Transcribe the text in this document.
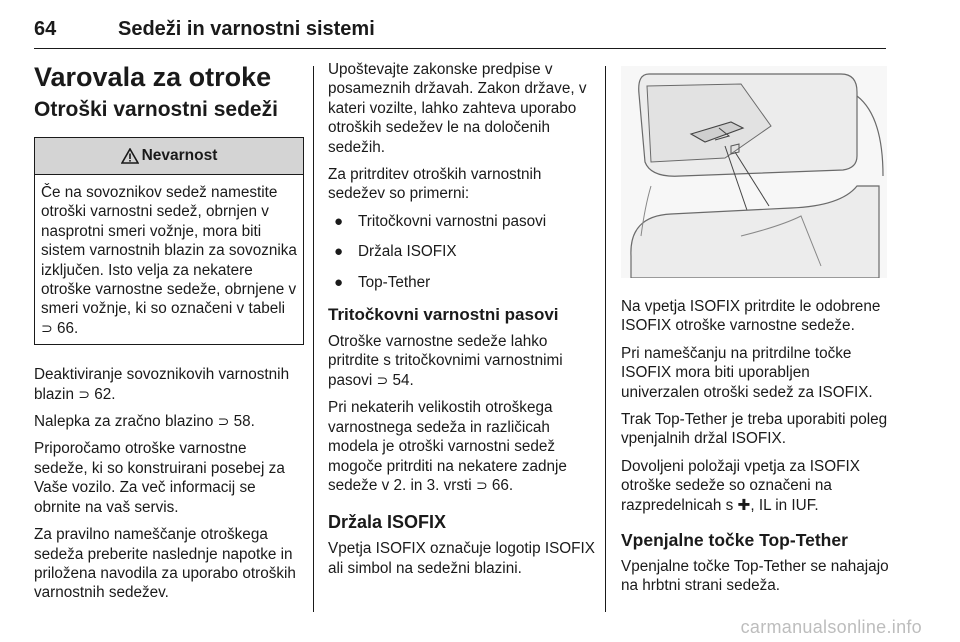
64	Sedeži in varnostni sistemi
Varovala za otroke
Otroški varnostni sedeži
Nevarnost

Če na sovoznikov sedež namestite otroški varnostni sedež, obrnjen v nasprotni smeri vožnje, mora biti sistem varnostnih blazin za sovoznika izključen. Isto velja za nekatere otroške varnostne sedeže, obrnjene v smeri vožnje, ki so označeni v tabeli ⊃ 66.

Deaktiviranje sovoznikovih varnostnih blazin ⊃ 62.

Nalepka za zračno blazino ⊃ 58.

Priporočamo otroške varnostne sedeže, ki so konstruirani posebej za Vaše vozilo. Za več informacij se obrnite na vaš servis.

Za pravilno nameščanje otroškega sedeža preberite naslednje napotke in priložena navodila za uporabo otroških varnostnih sedežev.

Upoštevajte zakonske predpise v posameznih državah. Zakon države, v kateri vozilte, lahko zahteva uporabo otroških sedežev le na določenih sedežih.

Za pritrditev otroških varnostnih sedežev so primerni:

● Tritočkovni varnostni pasovi
● Držala ISOFIX
● Top-Tether
Tritočkovni varnostni pasovi

Otroške varnostne sedeže lahko pritrdite s tritočkovnimi varnostnimi pasovi ⊃ 54.

Pri nekaterih velikostih otroškega varnostnega sedeža in različicah modela je otroški varnostni sedež mogoče pritrditi na nekatere zadnje sedeže v 2. in 3. vrsti ⊃ 66.

Držala ISOFIX

Vpetja ISOFIX označuje logotip ISOFIX ali simbol na sedežni blazini.

Na vpetja ISOFIX pritrdite le odobrene ISOFIX otroške varnostne sedeže.

Pri nameščanju na pritrdilne točke ISOFIX mora biti uporabljen univerzalen otroški sedež za ISOFIX.

Trak Top-Tether je treba uporabiti poleg vpenjalnih držal ISOFIX.

Dovoljeni položaji vpetja za ISOFIX otroške sedeže so označeni na razpredelnicah s ✚, IL in IUF.

Vpenjalne točke Top-Tether

Vpenjalne točke Top-Tether se nahajajo na hrbtni strani sedeža.

carmanualsonline.info
